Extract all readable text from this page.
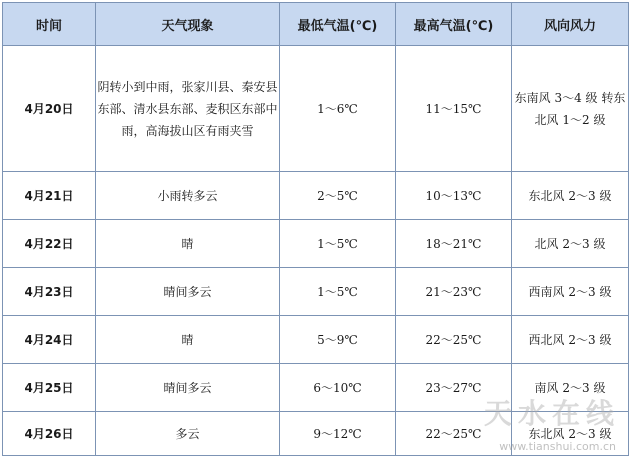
时间	天气现象	最低气温(℃)	最高气温(℃)	风向风力
4月20日	阴转小到中雨，张家川县、秦安县东部、清水县东部、麦积区东部中雨，高海拔山区有雨夹雪	1～6℃	11～15℃	东南风 3～4 级 转东北风 1～2 级
4月21日	小雨转多云	2～5℃	10～13℃	东北风 2～3 级
4月22日	晴	1～5℃	18～21℃	北风 2～3 级
4月23日	晴间多云	1～5℃	21～23℃	西南风 2～3 级
4月24日	晴	5～9℃	22～25℃	西北风 2～3 级
4月25日	晴间多云	6～10℃	23～27℃	南风 2～3 级
4月26日	多云	9～12℃	22～25℃	东北风 2～3 级
天水在线
www.tianshui.com.cn
